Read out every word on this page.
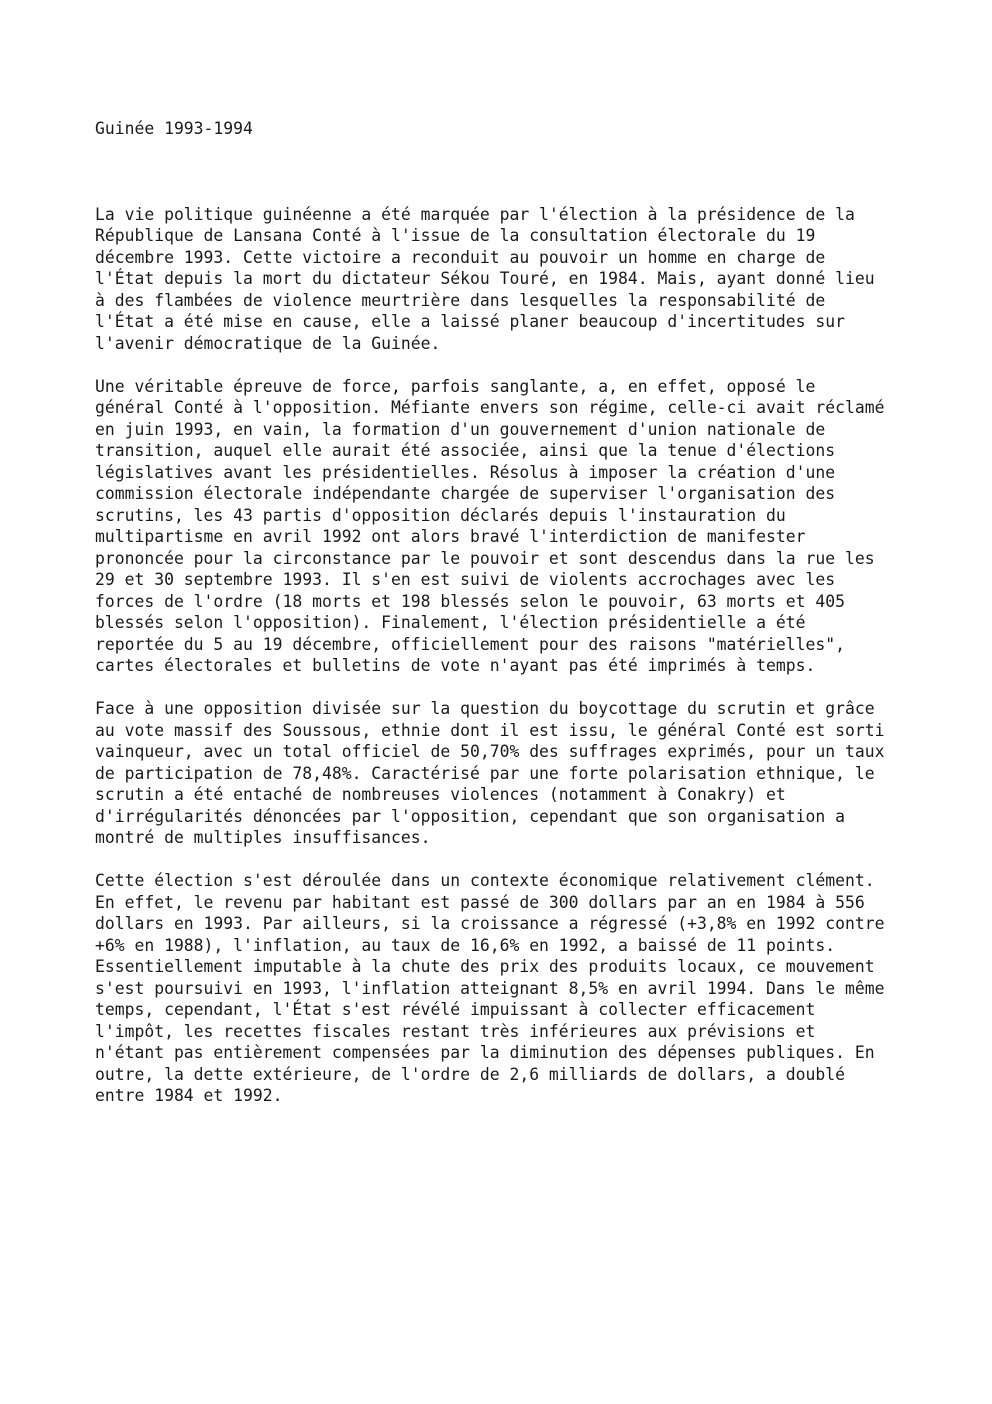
Guinée 1993-1994
La vie politique guinéenne a été marquée par l'élection à la présidence de la
République de Lansana Conté à l'issue de la consultation électorale du 19
décembre 1993. Cette victoire a reconduit au pouvoir un homme en charge de
l'État depuis la mort du dictateur Sékou Touré, en 1984. Mais, ayant donné lieu
à des flambées de violence meurtrière dans lesquelles la responsabilité de
l'État a été mise en cause, elle a laissé planer beaucoup d'incertitudes sur
l'avenir démocratique de la Guinée.
Une véritable épreuve de force, parfois sanglante, a, en effet, opposé le
général Conté à l'opposition. Méfiante envers son régime, celle-ci avait réclamé
en juin 1993, en vain, la formation d'un gouvernement d'union nationale de
transition, auquel elle aurait été associée, ainsi que la tenue d'élections
législatives avant les présidentielles. Résolus à imposer la création d'une
commission électorale indépendante chargée de superviser l'organisation des
scrutins, les 43 partis d'opposition déclarés depuis l'instauration du
multipartisme en avril 1992 ont alors bravé l'interdiction de manifester
prononcée pour la circonstance par le pouvoir et sont descendus dans la rue les
29 et 30 septembre 1993. Il s'en est suivi de violents accrochages avec les
forces de l'ordre (18 morts et 198 blessés selon le pouvoir, 63 morts et 405
blessés selon l'opposition). Finalement, l'élection présidentielle a été
reportée du 5 au 19 décembre, officiellement pour des raisons "matérielles",
cartes électorales et bulletins de vote n'ayant pas été imprimés à temps.
Face à une opposition divisée sur la question du boycottage du scrutin et grâce
au vote massif des Soussous, ethnie dont il est issu, le général Conté est sorti
vainqueur, avec un total officiel de 50,70% des suffrages exprimés, pour un taux
de participation de 78,48%. Caractérisé par une forte polarisation ethnique, le
scrutin a été entaché de nombreuses violences (notamment à Conakry) et
d'irrégularités dénoncées par l'opposition, cependant que son organisation a
montré de multiples insuffisances.
Cette élection s'est déroulée dans un contexte économique relativement clément.
En effet, le revenu par habitant est passé de 300 dollars par an en 1984 à 556
dollars en 1993. Par ailleurs, si la croissance a régressé (+3,8% en 1992 contre
+6% en 1988), l'inflation, au taux de 16,6% en 1992, a baissé de 11 points.
Essentiellement imputable à la chute des prix des produits locaux, ce mouvement
s'est poursuivi en 1993, l'inflation atteignant 8,5% en avril 1994. Dans le même
temps, cependant, l'État s'est révélé impuissant à collecter efficacement
l'impôt, les recettes fiscales restant très inférieures aux prévisions et
n'étant pas entièrement compensées par la diminution des dépenses publiques. En
outre, la dette extérieure, de l'ordre de 2,6 milliards de dollars, a doublé
entre 1984 et 1992.
